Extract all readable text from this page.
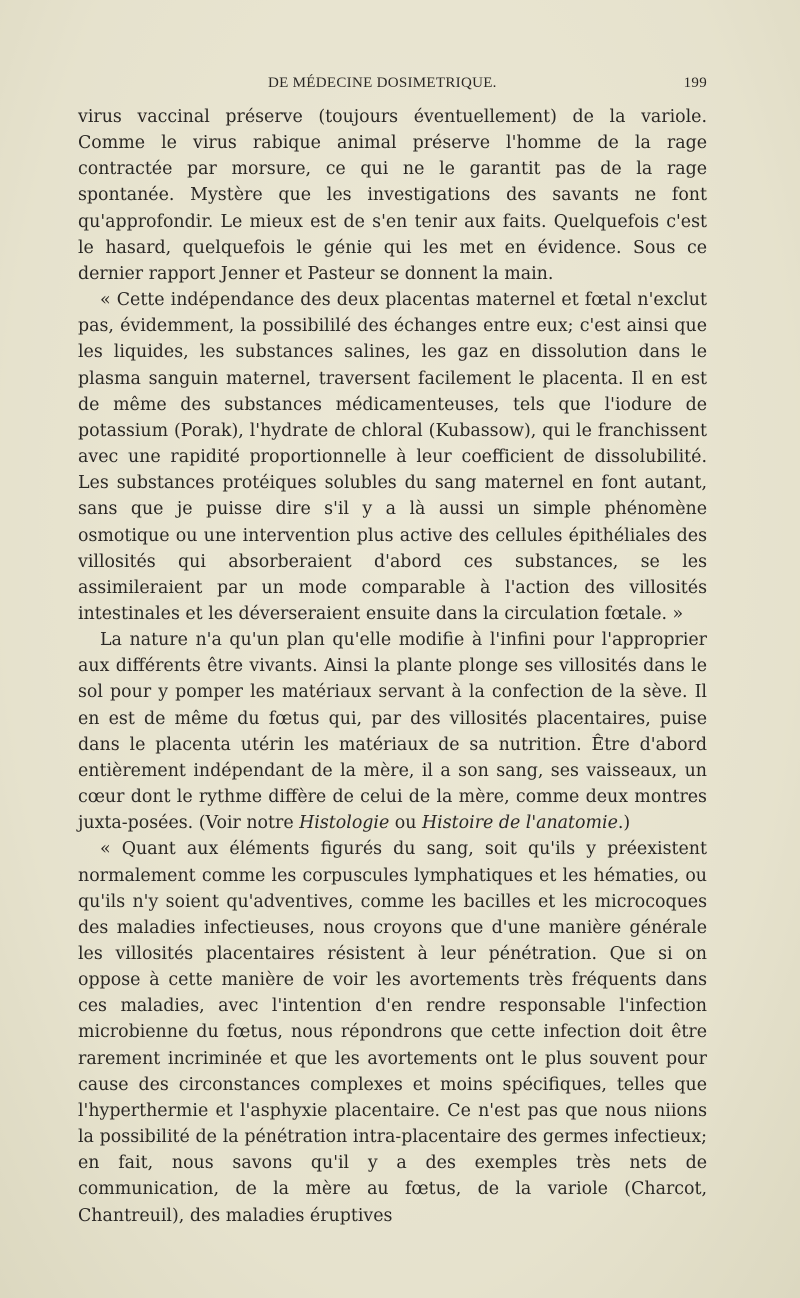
DE MÉDECINE DOSIMETRIQUE.	199

virus vaccinal préserve (toujours éventuellement) de la variole. Comme le virus rabique animal préserve l'homme de la rage contractée par morsure, ce qui ne le garantit pas de la rage spontanée. Mystère que les investigations des savants ne font qu'approfondir. Le mieux est de s'en tenir aux faits. Quelquefois c'est le hasard, quelquefois le génie qui les met en évidence. Sous ce dernier rapport Jenner et Pasteur se donnent la main.

« Cette indépendance des deux placentas maternel et fœtal n'exclut pas, évidemment, la possibililé des échanges entre eux; c'est ainsi que les liquides, les substances salines, les gaz en dissolution dans le plasma sanguin maternel, traversent facilement le placenta. Il en est de même des substances médicamenteuses, tels que l'iodure de potassium (Porak), l'hydrate de chloral (Kubassow), qui le franchissent avec une rapidité proportionnelle à leur coefficient de dissolubilité. Les substances protéiques solubles du sang maternel en font autant, sans que je puisse dire s'il y a là aussi un simple phénomène osmotique ou une intervention plus active des cellules épithéliales des villosités qui absorberaient d'abord ces substances, se les assimileraient par un mode comparable à l'action des villosités intestinales et les déverseraient ensuite dans la circulation fœtale. »

La nature n'a qu'un plan qu'elle modifie à l'infini pour l'approprier aux différents être vivants. Ainsi la plante plonge ses villosités dans le sol pour y pomper les matériaux servant à la confection de la sève. Il en est de même du fœtus qui, par des villosités placentaires, puise dans le placenta utérin les matériaux de sa nutrition. Être d'abord entièrement indépendant de la mère, il a son sang, ses vaisseaux, un cœur dont le rythme diffère de celui de la mère, comme deux montres juxta-posées. (Voir notre Histologie ou Histoire de l'anatomie.)

« Quant aux éléments figurés du sang, soit qu'ils y préexistent normalement comme les corpuscules lymphatiques et les hématies, ou qu'ils n'y soient qu'adventives, comme les bacilles et les microcoques des maladies infectieuses, nous croyons que d'une manière générale les villosités placentaires résistent à leur pénétration. Que si on oppose à cette manière de voir les avortements très fréquents dans ces maladies, avec l'intention d'en rendre responsable l'infection microbienne du fœtus, nous répondrons que cette infection doit être rarement incriminée et que les avortements ont le plus souvent pour cause des circonstances complexes et moins spécifiques, telles que l'hyperthermie et l'asphyxie placentaire. Ce n'est pas que nous niions la possibilité de la pénétration intra-placentaire des germes infectieux; en fait, nous savons qu'il y a des exemples très nets de communication, de la mère au fœtus, de la variole (Charcot, Chantreuil), des maladies éruptives
